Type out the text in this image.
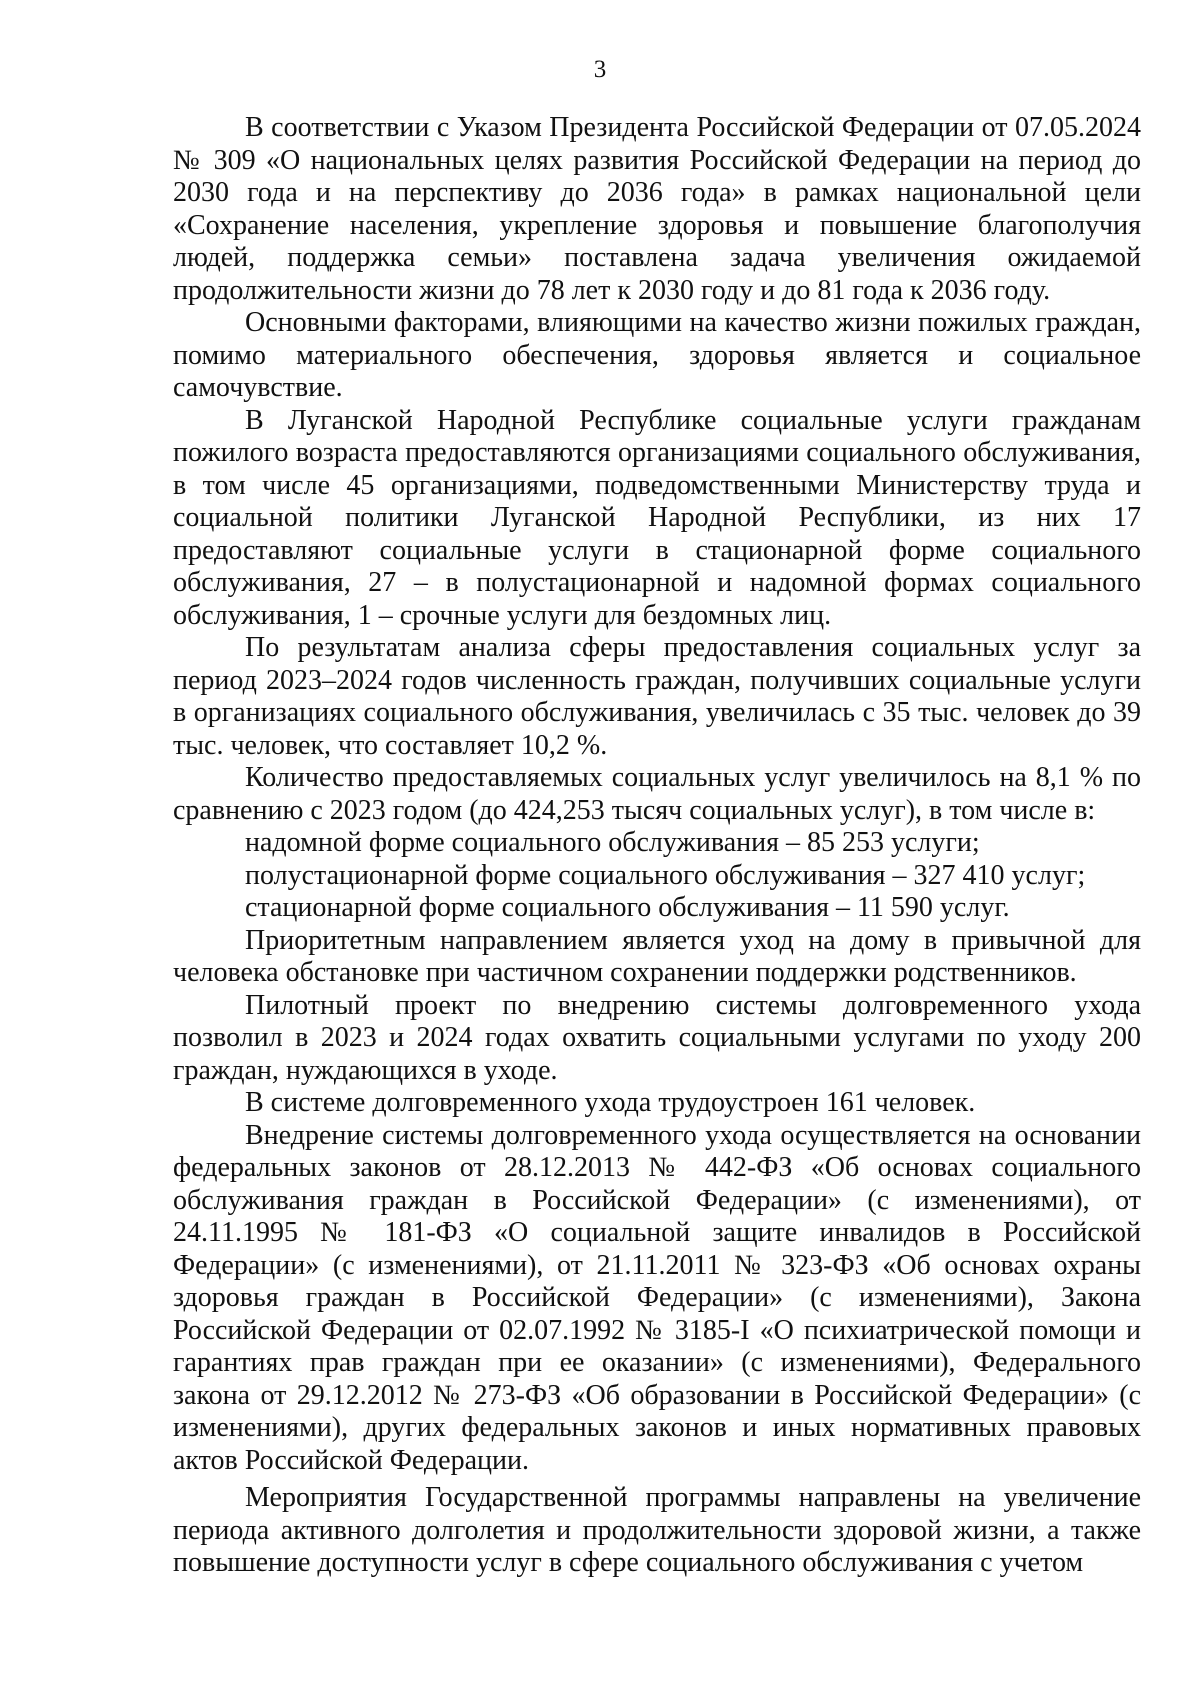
3

В соответствии с Указом Президента Российской Федерации от 07.05.2024 № 309 «О национальных целях развития Российской Федерации на период до 2030 года и на перспективу до 2036 года» в рамках национальной цели «Сохранение населения, укрепление здоровья и повышение благополучия людей, поддержка семьи» поставлена задача увеличения ожидаемой продолжительности жизни до 78 лет к 2030 году и до 81 года к 2036 году.

Основными факторами, влияющими на качество жизни пожилых граждан, помимо материального обеспечения, здоровья является и социальное самочувствие.

В Луганской Народной Республике социальные услуги гражданам пожилого возраста предоставляются организациями социального обслуживания, в том числе 45 организациями, подведомственными Министерству труда и социальной политики Луганской Народной Республики, из них 17 предоставляют социальные услуги в стационарной форме социального обслуживания, 27 – в полустационарной и надомной формах социального обслуживания, 1 – срочные услуги для бездомных лиц.

По результатам анализа сферы предоставления социальных услуг за период 2023–2024 годов численность граждан, получивших социальные услуги в организациях социального обслуживания, увеличилась с 35 тыс. человек до 39 тыс. человек, что составляет 10,2 %.

Количество предоставляемых социальных услуг увеличилось на 8,1 % по сравнению с 2023 годом (до 424,253 тысяч социальных услуг), в том числе в:

надомной форме социального обслуживания – 85 253 услуги;

полустационарной форме социального обслуживания – 327 410 услуг;

стационарной форме социального обслуживания – 11 590 услуг.

Приоритетным направлением является уход на дому в привычной для человека обстановке при частичном сохранении поддержки родственников.

Пилотный проект по внедрению системы долговременного ухода позволил в 2023 и 2024 годах охватить социальными услугами по уходу 200 граждан, нуждающихся в уходе.

В системе долговременного ухода трудоустроен 161 человек.

Внедрение системы долговременного ухода осуществляется на основании федеральных законов от 28.12.2013 № 442-ФЗ «Об основах социального обслуживания граждан в Российской Федерации» (с изменениями), от 24.11.1995 № 181-ФЗ «О социальной защите инвалидов в Российской Федерации» (с изменениями), от 21.11.2011 № 323-ФЗ «Об основах охраны здоровья граждан в Российской Федерации» (с изменениями), Закона Российской Федерации от 02.07.1992 № 3185-I «О психиатрической помощи и гарантиях прав граждан при ее оказании» (с изменениями), Федерального закона от 29.12.2012 № 273-ФЗ «Об образовании в Российской Федерации» (с изменениями), других федеральных законов и иных нормативных правовых актов Российской Федерации.

Мероприятия Государственной программы направлены на увеличение периода активного долголетия и продолжительности здоровой жизни, а также повышение доступности услуг в сфере социального обслуживания с учетом
